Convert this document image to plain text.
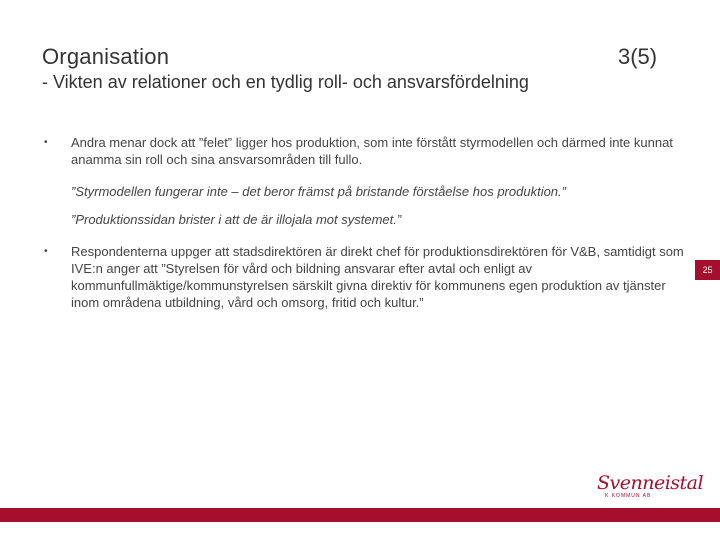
Organisation	3(5)
- Vikten av relationer och en tydlig roll- och ansvarsfördelning
•	Andra menar dock att ”felet” ligger hos produktion, som inte förstått styrmodellen och därmed inte kunnat anamma sin roll och sina ansvarsområden till fullo.
”Styrmodellen fungerar inte – det beror främst på bristande förståelse hos produktion.”
”Produktionssidan brister i att de är illojala mot systemet.”
•	Respondenterna uppger att stadsdirektören är direkt chef för produktionsdirektören för V&B, samtidigt som IVE:n anger att ”Styrelsen för vård och bildning ansvarar efter avtal och enligt av kommunfullmäktige/kommunstyrelsen särskilt givna direktiv för kommunens egen produktion av tjänster inom områdena utbildning, vård och omsorg, fritid och kultur.”
25
Svenneistal
K KOMMUN AB
